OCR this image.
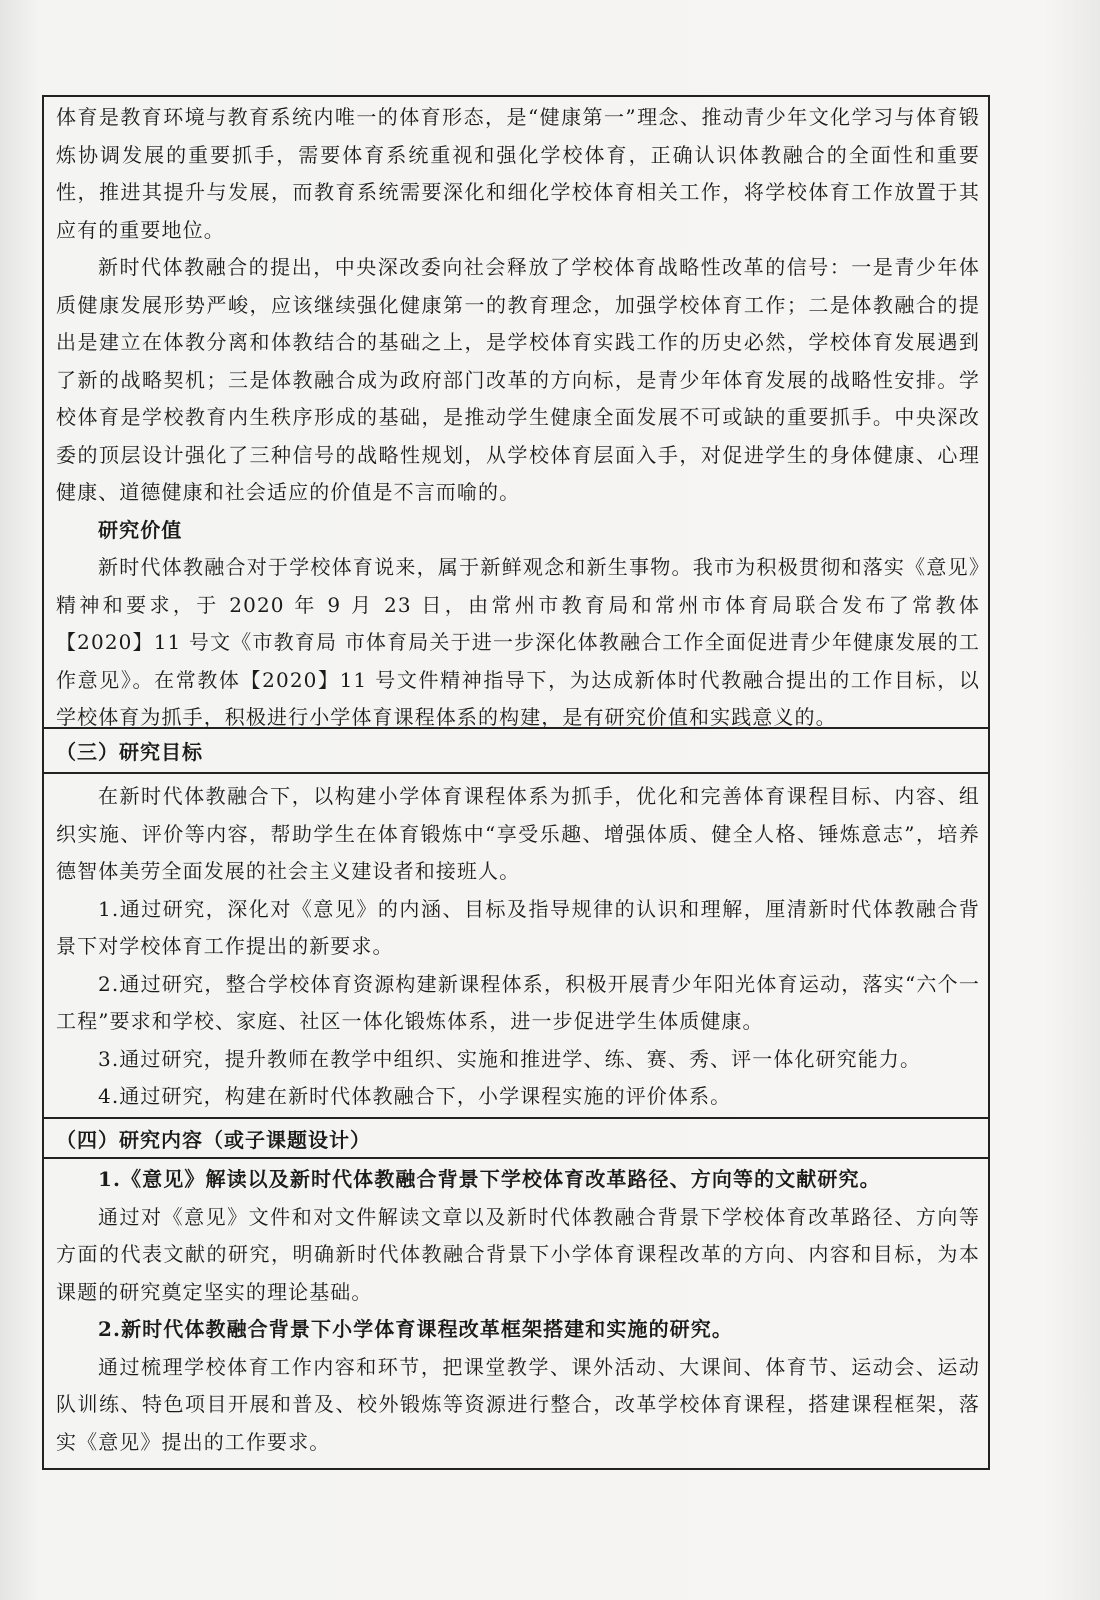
体育是教育环境与教育系统内唯一的体育形态，是“健康第一”理念、推动青少年文化学习与体育锻炼协调发展的重要抓手，需要体育系统重视和强化学校体育，正确认识体教融合的全面性和重要性，推进其提升与发展，而教育系统需要深化和细化学校体育相关工作，将学校体育工作放置于其应有的重要地位。

新时代体教融合的提出，中央深改委向社会释放了学校体育战略性改革的信号：一是青少年体质健康发展形势严峻，应该继续强化健康第一的教育理念，加强学校体育工作；二是体教融合的提出是建立在体教分离和体教结合的基础之上，是学校体育实践工作的历史必然，学校体育发展遇到了新的战略契机；三是体教融合成为政府部门改革的方向标，是青少年体育发展的战略性安排。学校体育是学校教育内生秩序形成的基础，是推动学生健康全面发展不可或缺的重要抓手。中央深改委的顶层设计强化了三种信号的战略性规划，从学校体育层面入手，对促进学生的身体健康、心理健康、道德健康和社会适应的价值是不言而喻的。

研究价值

新时代体教融合对于学校体育说来，属于新鲜观念和新生事物。我市为积极贯彻和落实《意见》精神和要求，于 2020 年 9 月 23 日，由常州市教育局和常州市体育局联合发布了常教体【2020】11 号文《市教育局 市体育局关于进一步深化体教融合工作全面促进青少年健康发展的工作意见》。在常教体【2020】11 号文件精神指导下，为达成新体时代教融合提出的工作目标，以学校体育为抓手，积极进行小学体育课程体系的构建，是有研究价值和实践意义的。

（三）研究目标

在新时代体教融合下，以构建小学体育课程体系为抓手，优化和完善体育课程目标、内容、组织实施、评价等内容，帮助学生在体育锻炼中“享受乐趣、增强体质、健全人格、锤炼意志”，培养德智体美劳全面发展的社会主义建设者和接班人。

1.通过研究，深化对《意见》的内涵、目标及指导规律的认识和理解，厘清新时代体教融合背景下对学校体育工作提出的新要求。

2.通过研究，整合学校体育资源构建新课程体系，积极开展青少年阳光体育运动，落实“六个一工程”要求和学校、家庭、社区一体化锻炼体系，进一步促进学生体质健康。

3.通过研究，提升教师在教学中组织、实施和推进学、练、赛、秀、评一体化研究能力。

4.通过研究，构建在新时代体教融合下，小学课程实施的评价体系。

（四）研究内容（或子课题设计）

1.《意见》解读以及新时代体教融合背景下学校体育改革路径、方向等的文献研究。

通过对《意见》文件和对文件解读文章以及新时代体教融合背景下学校体育改革路径、方向等方面的代表文献的研究，明确新时代体教融合背景下小学体育课程改革的方向、内容和目标，为本课题的研究奠定坚实的理论基础。

2.新时代体教融合背景下小学体育课程改革框架搭建和实施的研究。

通过梳理学校体育工作内容和环节，把课堂教学、课外活动、大课间、体育节、运动会、运动队训练、特色项目开展和普及、校外锻炼等资源进行整合，改革学校体育课程，搭建课程框架，落实《意见》提出的工作要求。
